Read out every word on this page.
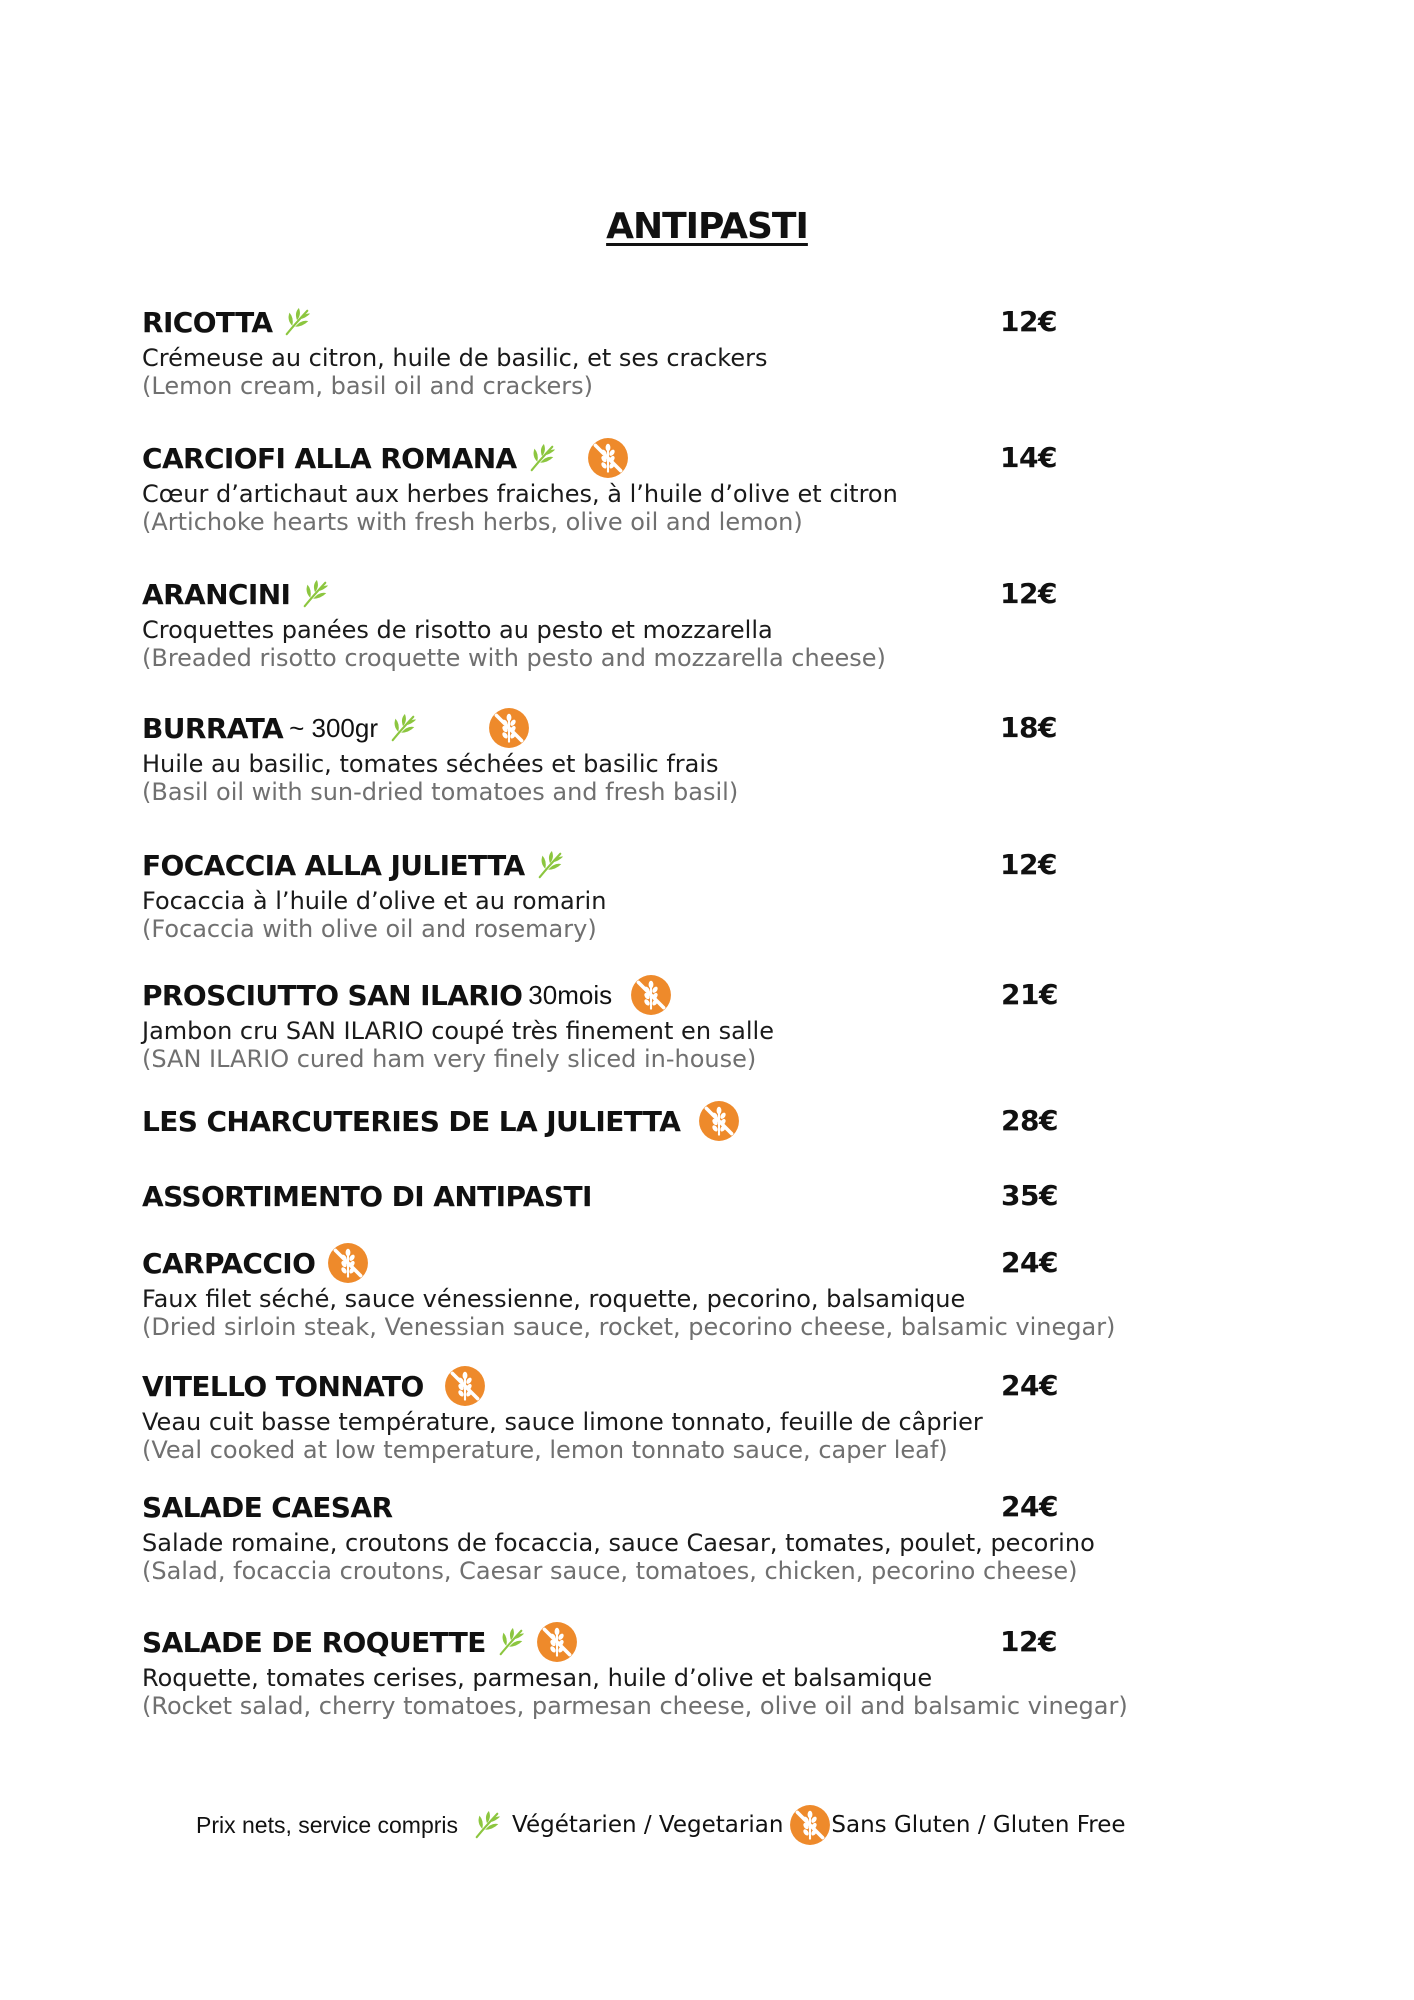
ANTIPASTI
RICOTTA	12€
Crémeuse au citron, huile de basilic, et ses crackers
(Lemon cream, basil oil and crackers)
CARCIOFI ALLA ROMANA	14€
Cœur d’artichaut aux herbes fraiches, à l’huile d’olive et citron
(Artichoke hearts with fresh herbs, olive oil and lemon)
ARANCINI	12€
Croquettes panées de risotto au pesto et mozzarella
(Breaded risotto croquette with pesto and mozzarella cheese)
BURRATA ~ 300gr	18€
Huile au basilic, tomates séchées et basilic frais
(Basil oil with sun-dried tomatoes and fresh basil)
FOCACCIA ALLA JULIETTA	12€
Focaccia à l’huile d’olive et au romarin
(Focaccia with olive oil and rosemary)
PROSCIUTTO SAN ILARIO 30mois	21€
Jambon cru SAN ILARIO coupé très finement en salle
(SAN ILARIO cured ham very finely sliced in-house)
LES CHARCUTERIES DE LA JULIETTA	28€
ASSORTIMENTO DI ANTIPASTI	35€
CARPACCIO	24€
Faux filet séché, sauce vénessienne, roquette, pecorino, balsamique
(Dried sirloin steak, Venessian sauce, rocket, pecorino cheese, balsamic vinegar)
VITELLO TONNATO	24€
Veau cuit basse température, sauce limone tonnato, feuille de câprier
(Veal cooked at low temperature, lemon tonnato sauce, caper leaf)
SALADE CAESAR	24€
Salade romaine, croutons de focaccia, sauce Caesar, tomates, poulet, pecorino
(Salad, focaccia croutons, Caesar sauce, tomatoes, chicken, pecorino cheese)
SALADE DE ROQUETTE	12€
Roquette, tomates cerises, parmesan, huile d’olive et balsamique
(Rocket salad, cherry tomatoes, parmesan cheese, olive oil and balsamic vinegar)
Prix nets, service compris Végétarien / Vegetarian Sans Gluten / Gluten Free
